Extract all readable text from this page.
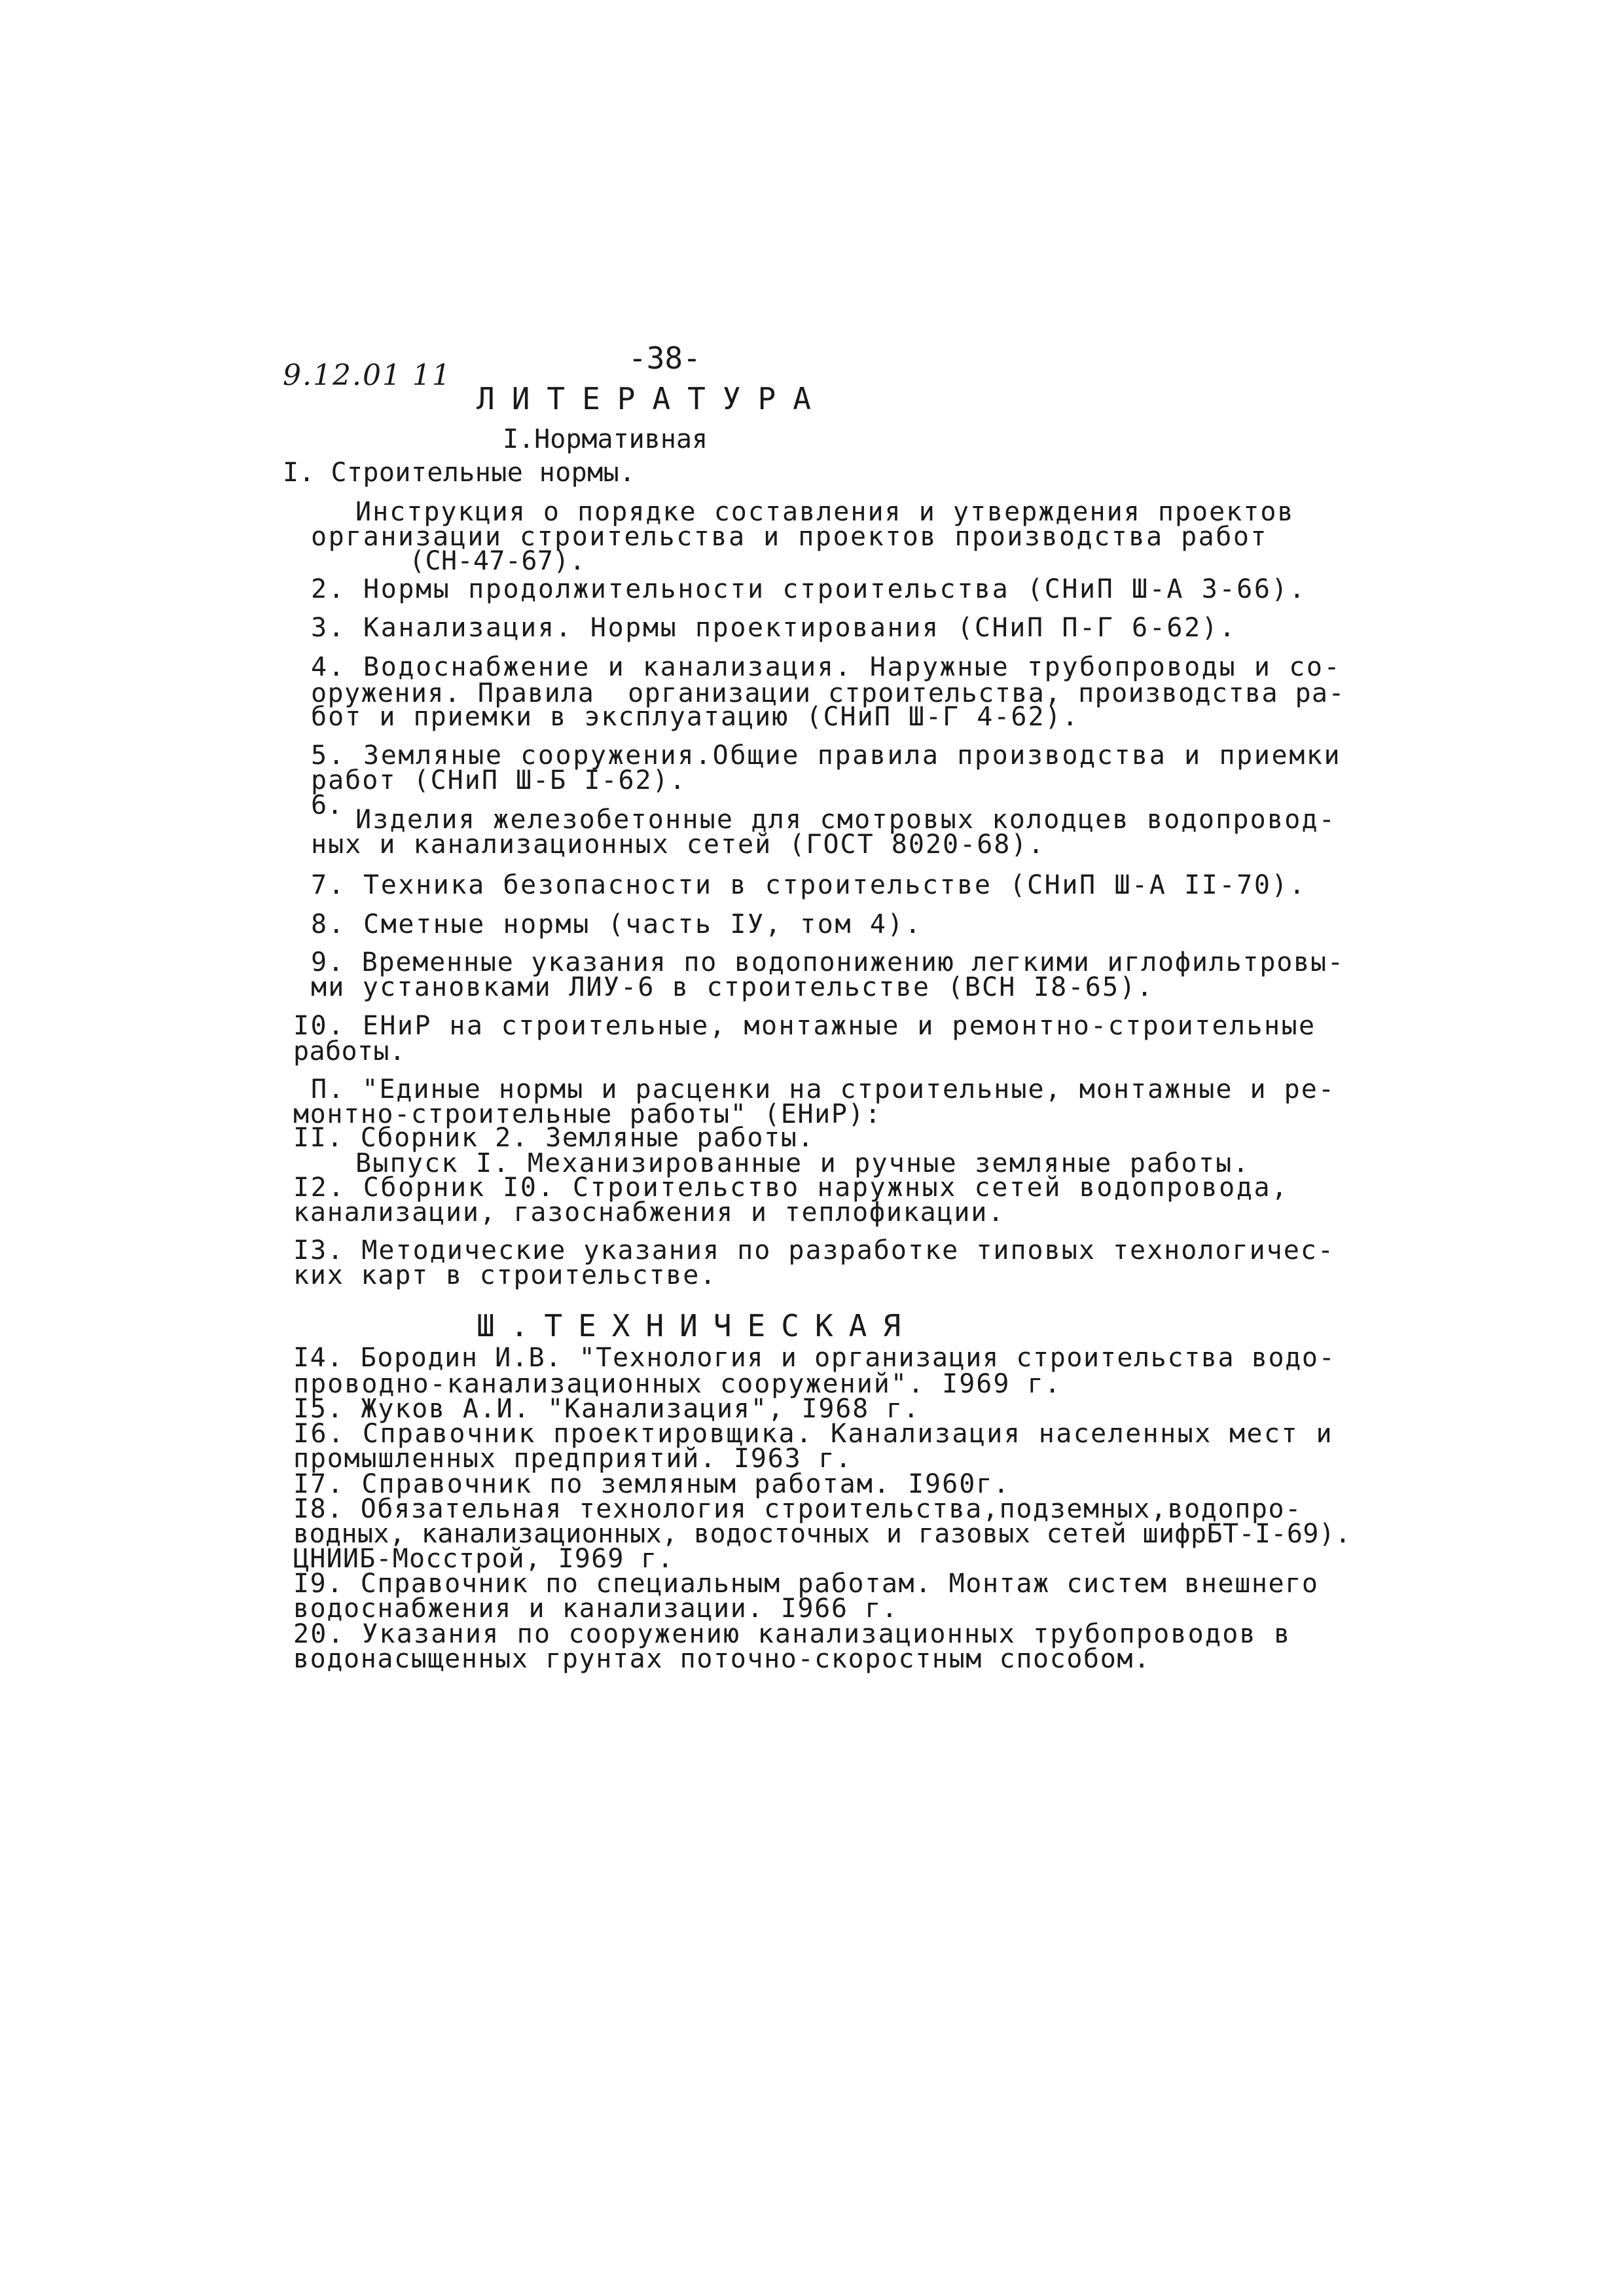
9.12.01 11	-38-
ЛИТЕРАТУРА
I.Нормативная
I. Строительные нормы.
Инструкция о порядке составления и утверждения проектов
организации строительства и проектов производства работ
(СН-47-67).
2. Нормы продолжительности строительства (СНиП Ш-А 3-66).
3. Канализация. Нормы проектирования (СНиП П-Г 6-62).
4. Водоснабжение и канализация. Наружные трубопроводы и со-
оружения. Правила  организации строительства, производства ра-
бот и приемки в эксплуатацию (СНиП Ш-Г 4-62).
5. Земляные сооружения.Общие правила производства и приемки
работ (СНиП Ш-Б I-62).
6. Изделия железобетонные для смотровых колодцев водопровод-
ных и канализационных сетей (ГОСТ 8020-68).
7. Техника безопасности в строительстве (СНиП Ш-А II-70).
8. Сметные нормы (часть IУ, том 4).
9. Временные указания по водопонижению легкими иглофильтровы-
ми установками ЛИУ-6 в строительстве (ВСН I8-65).
I0. ЕНиР на строительные, монтажные и ремонтно-строительные
работы.
П. "Единые нормы и расценки на строительные, монтажные и ре-
монтно-строительные работы" (ЕНиР):
II. Сборник 2. Земляные работы.
Выпуск I. Механизированные и ручные земляные работы.
I2. Сборник I0. Строительство наружных сетей водопровода,
канализации, газоснабжения и теплофикации.
I3. Методические указания по разработке типовых технологичес-
ких карт в строительстве.
Ш.ТЕХНИЧЕСКАЯ
I4. Бородин И.В. "Технология и организация строительства водо-
проводно-канализационных сооружений". I969 г.
I5. Жуков А.И. "Канализация", I968 г.
I6. Справочник проектировщика. Канализация населенных мест и
промышленных предприятий. I963 г.
I7. Справочник по земляным работам. I960г.
I8. Обязательная технология строительства,подземных,водопро-
водных, канализационных, водосточных и газовых сетей шифрБТ-I-69).
ЦНИИБ-Мосстрой, I969 г.
I9. Справочник по специальным работам. Монтаж систем внешнего
водоснабжения и канализации. I966 г.
20. Указания по сооружению канализационных трубопроводов в
водонасыщенных грунтах поточно-скоростным способом.
